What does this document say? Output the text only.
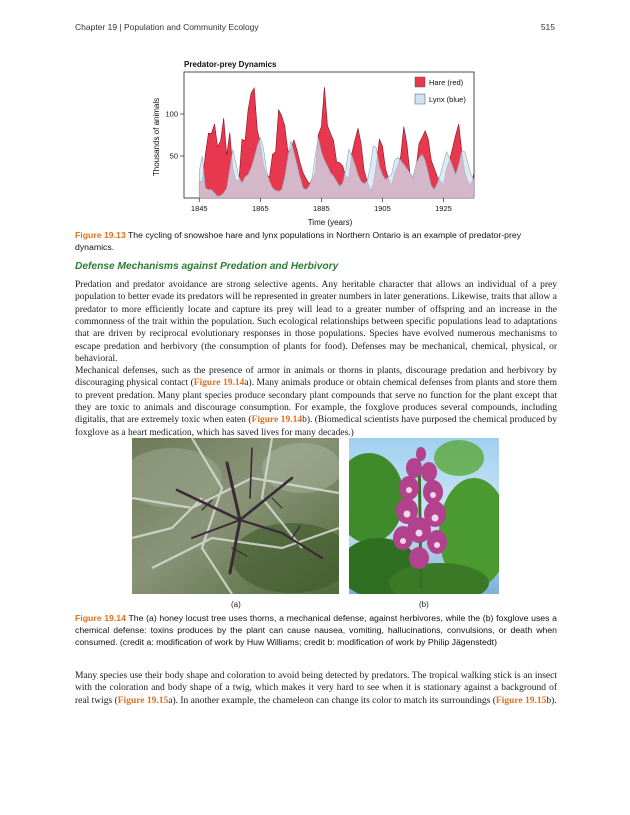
Chapter 19 | Population and Community Ecology	515
Predator-prey Dynamics
Thousands of animals
Time (years)
1845	1865	1885	1905	1925
50
100
Hare (red)
Lynx (blue)
Figure 19.13 The cycling of snowshoe hare and lynx populations in Northern Ontario is an example of predator-prey dynamics.
Defense Mechanisms against Predation and Herbivory
Predation and predator avoidance are strong selective agents. Any heritable character that allows an individual of a prey population to better evade its predators will be represented in greater numbers in later generations. Likewise, traits that allow a predator to more efficiently locate and capture its prey will lead to a greater number of offspring and an increase in the commonness of the trait within the population. Such ecological relationships between specific populations lead to adaptations that are driven by reciprocal evolutionary responses in those populations. Species have evolved numerous mechanisms to escape predation and herbivory (the consumption of plants for food). Defenses may be mechanical, chemical, physical, or behavioral.
Mechanical defenses, such as the presence of armor in animals or thorns in plants, discourage predation and herbivory by discouraging physical contact (Figure 19.14a). Many animals produce or obtain chemical defenses from plants and store them to prevent predation. Many plant species produce secondary plant compounds that serve no function for the plant except that they are toxic to animals and discourage consumption. For example, the foxglove produces several compounds, including digitalis, that are extremely toxic when eaten (Figure 19.14b). (Biomedical scientists have purposed the chemical produced by foxglove as a heart medication, which has saved lives for many decades.)
(a)	(b)
Figure 19.14 The (a) honey locust tree uses thorns, a mechanical defense, against herbivores, while the (b) foxglove uses a chemical defense: toxins produces by the plant can cause nausea, vomiting, hallucinations, convulsions, or death when consumed. (credit a: modification of work by Huw Williams; credit b: modification of work by Philip Jägenstedt)
Many species use their body shape and coloration to avoid being detected by predators. The tropical walking stick is an insect with the coloration and body shape of a twig, which makes it very hard to see when it is stationary against a background of real twigs (Figure 19.15a). In another example, the chameleon can change its color to match its surroundings (Figure 19.15b).
